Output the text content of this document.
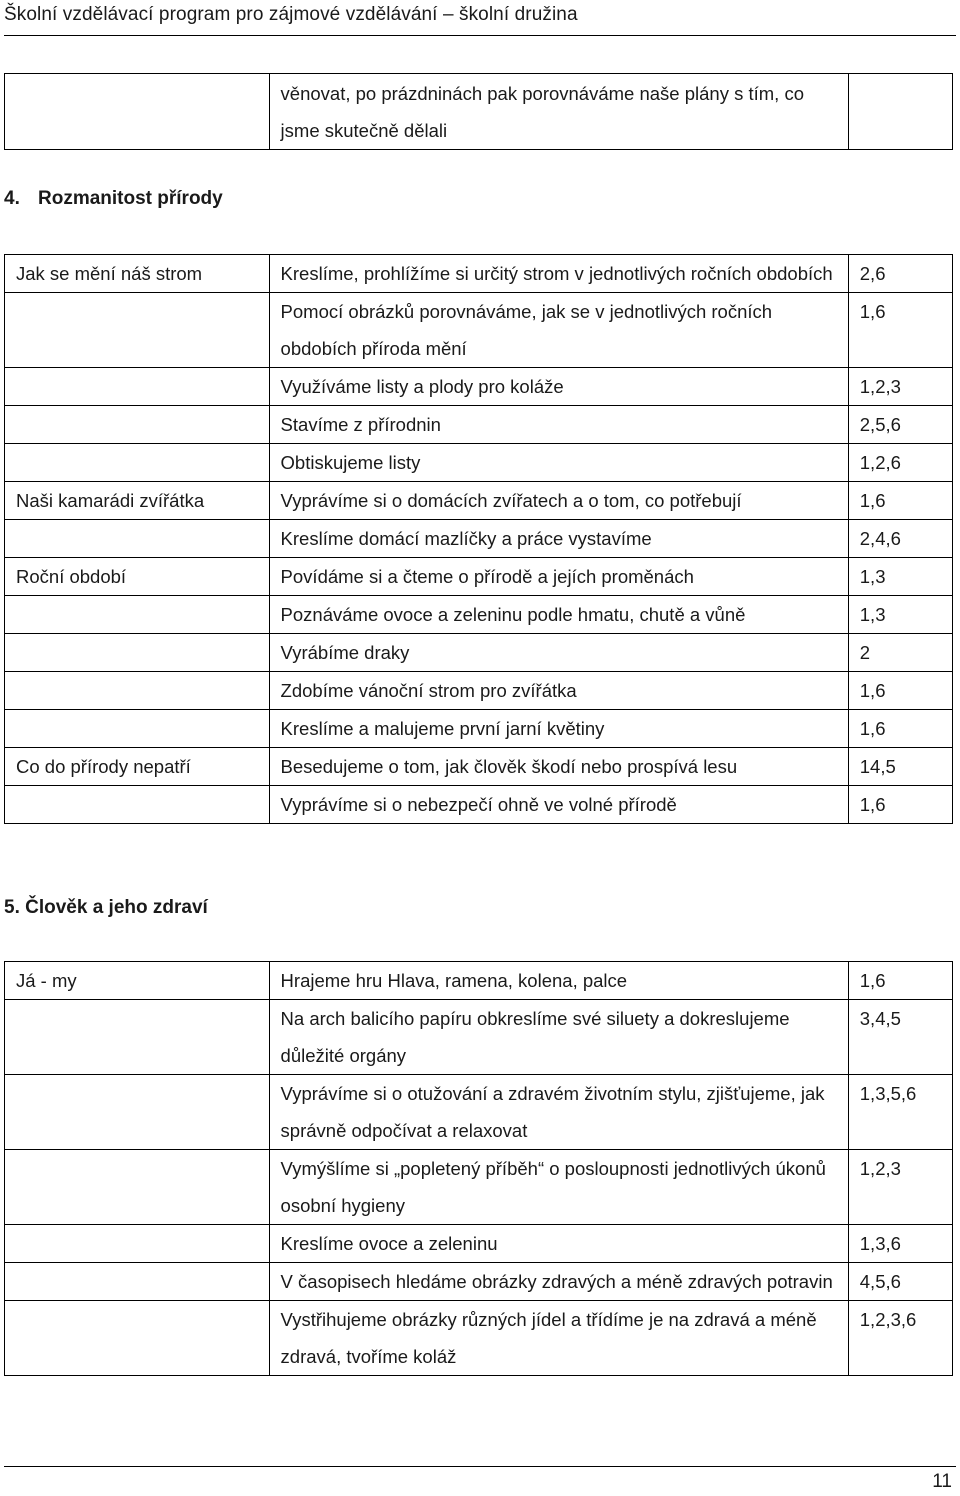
Školní vzdělávací program pro zájmové vzdělávání – školní družina
	věnovat, po prázdninách pak porovnáváme naše plány s tím, co jsme skutečně dělali	
4. Rozmanitost přírody
Jak se mění náš strom	Kreslíme, prohlížíme si určitý strom v jednotlivých ročních obdobích	2,6
	Pomocí obrázků porovnáváme, jak se v jednotlivých ročních obdobích příroda mění	1,6
	Využíváme listy a plody pro koláže	1,2,3
	Stavíme z přírodnin	2,5,6
	Obtiskujeme listy	1,2,6
Naši kamarádi zvířátka	Vyprávíme si o domácích zvířatech a o tom, co potřebují	1,6
	Kreslíme domácí mazlíčky a práce vystavíme	2,4,6
Roční období	Povídáme si a čteme o přírodě a jejích proměnách	1,3
	Poznáváme ovoce a zeleninu podle hmatu, chutě a vůně	1,3
	Vyrábíme draky	2
	Zdobíme vánoční strom pro zvířátka	1,6
	Kreslíme a malujeme první jarní květiny	1,6
Co do přírody nepatří	Besedujeme o tom, jak člověk škodí nebo prospívá lesu	14,5
	Vyprávíme si o nebezpečí ohně ve volné přírodě	1,6
5. Člověk a jeho zdraví
Já - my	Hrajeme hru Hlava, ramena, kolena, palce	1,6
	Na arch balicího papíru obkreslíme své siluety a dokreslujeme důležité orgány	3,4,5
	Vyprávíme si o otužování a zdravém životním stylu, zjišťujeme, jak správně odpočívat a relaxovat	1,3,5,6
	Vymýšlíme si „popletený příběh“ o posloupnosti jednotlivých úkonů osobní hygieny	1,2,3
	Kreslíme ovoce a zeleninu	1,3,6
	V časopisech hledáme obrázky zdravých a méně zdravých potravin	4,5,6
	Vystřihujeme obrázky různých jídel a třídíme je na zdravá a méně zdravá, tvoříme koláž	1,2,3,6
11
